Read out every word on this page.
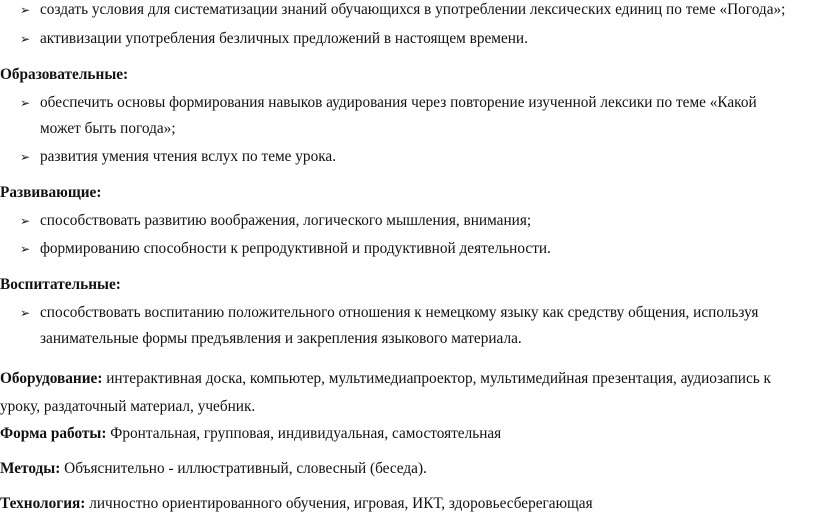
➢ создать условия для систематизации знаний обучающихся в употреблении лексических единиц по теме «Погода»;
➢ активизации употребления безличных предложений в настоящем времени.
Образовательные:
➢ обеспечить основы формирования навыков аудирования через повторение изученной лексики по теме «Какой
может быть погода»;
➢ развития умения чтения вслух по теме урока.
Развивающие:
➢ способствовать развитию воображения, логического мышления, внимания;
➢ формированию способности к репродуктивной и продуктивной деятельности.
Воспитательные:
➢ способствовать воспитанию положительного отношения к немецкому языку как средству общения, используя
занимательные формы предъявления и закрепления языкового материала.
Оборудование: интерактивная доска, компьютер, мультимедиапроектор, мультимедийная презентация, аудиозапись к
уроку, раздаточный материал, учебник.
Форма работы: Фронтальная, групповая, индивидуальная, самостоятельная
Методы: Объяснительно - иллюстративный, словесный (беседа).
Технология: личностно ориентированного обучения, игровая, ИКТ, здоровьесберегающая
